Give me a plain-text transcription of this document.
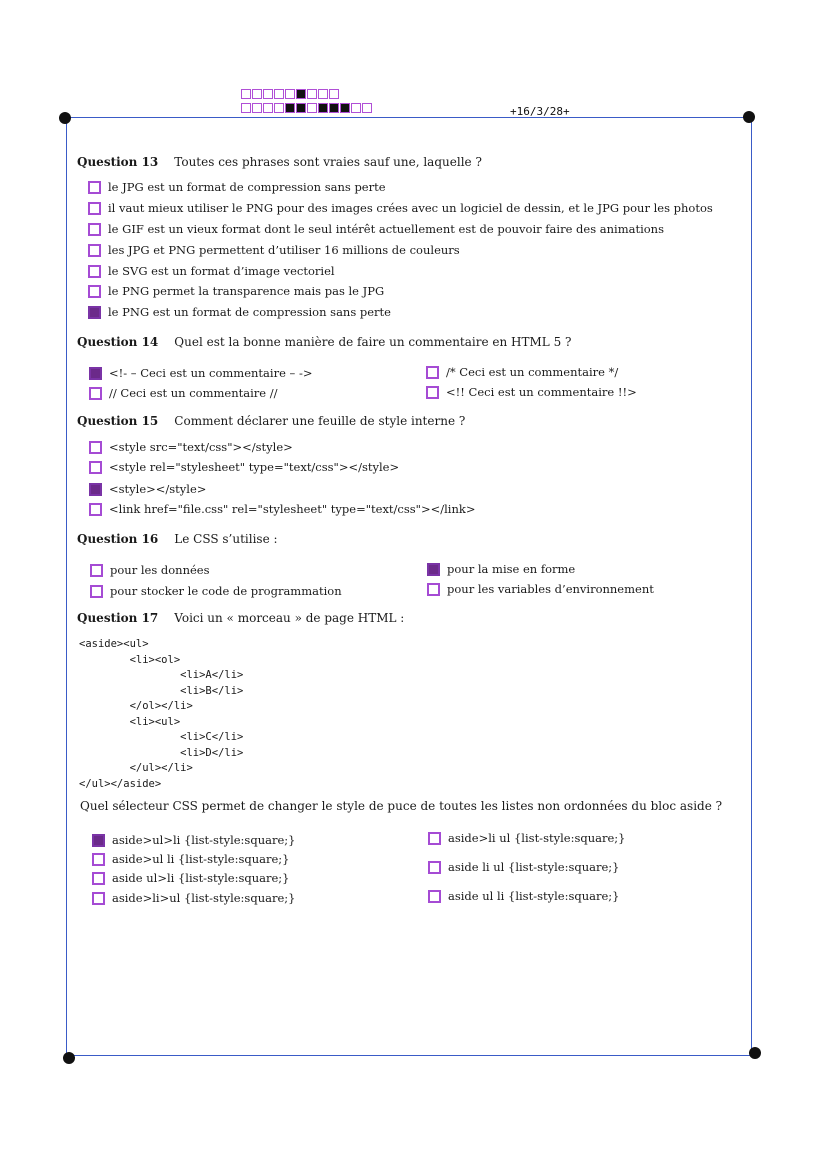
+16/3/28+
Question 13 Toutes ces phrases sont vraies sauf une, laquelle ?
le JPG est un format de compression sans perte
il vaut mieux utiliser le PNG pour des images crées avec un logiciel de dessin, et le JPG pour les photos
le GIF est un vieux format dont le seul intérêt actuellement est de pouvoir faire des animations
les JPG et PNG permettent d’utiliser 16 millions de couleurs
le SVG est un format d’image vectoriel
le PNG permet la transparence mais pas le JPG
le PNG est un format de compression sans perte
Question 14 Quel est la bonne manière de faire un commentaire en HTML 5 ?
<!- – Ceci est un commentaire – ->
// Ceci est un commentaire //
/* Ceci est un commentaire */
<!! Ceci est un commentaire !!>
Question 15 Comment déclarer une feuille de style interne ?
<style src="text/css"></style>
<style rel="stylesheet" type="text/css"></style>
<style></style>
<link href="file.css" rel="stylesheet" type="text/css"></link>
Question 16 Le CSS s’utilise :
pour les données
pour stocker le code de programmation
pour la mise en forme
pour les variables d’environnement
Question 17 Voici un « morceau » de page HTML :
<aside><ul>
<li><ol>
<li>A</li>
<li>B</li>
</ol></li>
<li><ul>
<li>C</li>
<li>D</li>
</ul></li>
</ul></aside>
Quel sélecteur CSS permet de changer le style de puce de toutes les listes non ordonnées du bloc aside ?
aside>ul>li {list-style:square;}
aside>ul li {list-style:square;}
aside ul>li {list-style:square;}
aside>li>ul {list-style:square;}
aside>li ul {list-style:square;}
aside li ul {list-style:square;}
aside ul li {list-style:square;}
